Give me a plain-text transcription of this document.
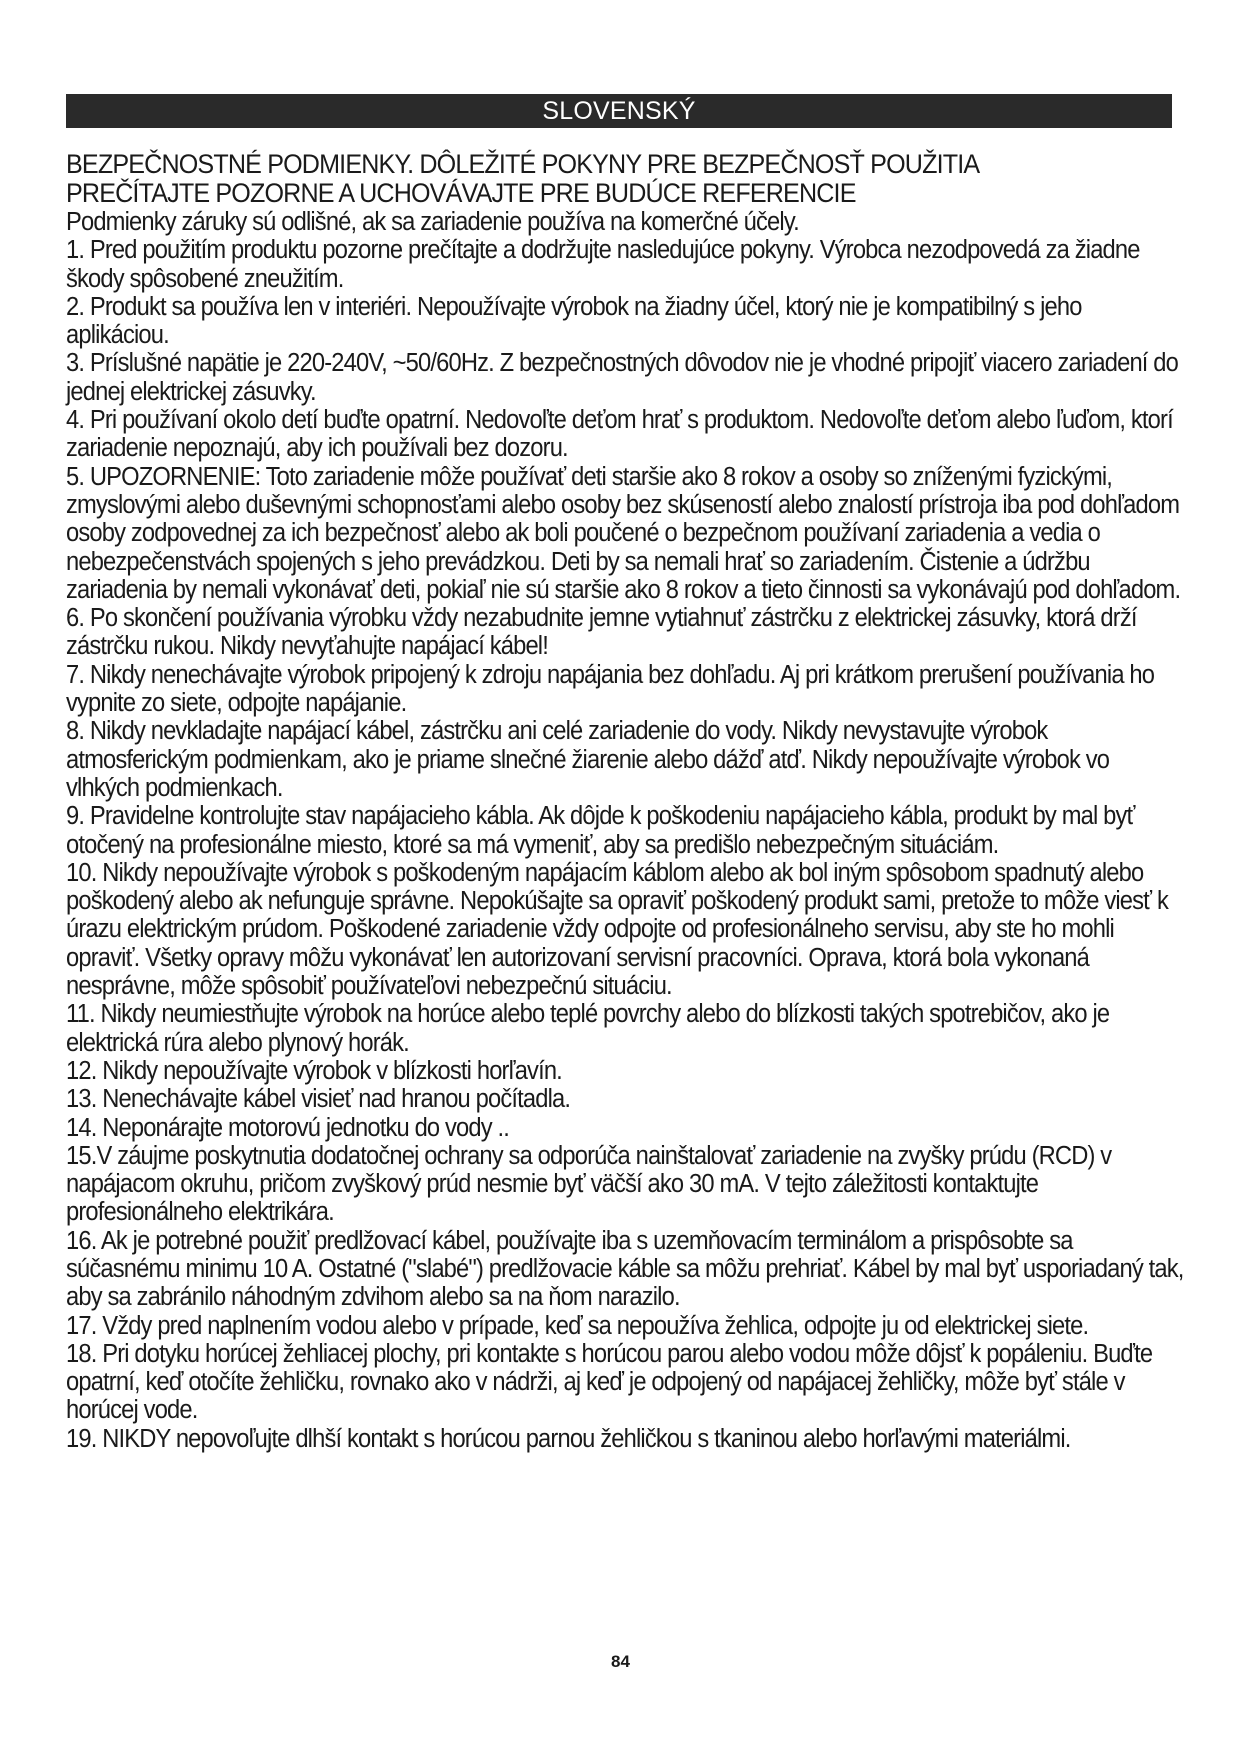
SLOVENSKÝ

BEZPEČNOSTNÉ PODMIENKY. DÔLEŽITÉ POKYNY PRE BEZPEČNOSŤ POUŽITIA

PREČÍTAJTE POZORNE A UCHOVÁVAJTE PRE BUDÚCE REFERENCIE

Podmienky záruky sú odlišné, ak sa zariadenie používa na komerčné účely.

1. Pred použitím produktu pozorne prečítajte a dodržujte nasledujúce pokyny. Výrobca nezodpovedá za žiadne škody spôsobené zneužitím.

2. Produkt sa používa len v interiéri. Nepoužívajte výrobok na žiadny účel, ktorý nie je kompatibilný s jeho aplikáciou.

3. Príslušné napätie je 220-240V, ~50/60Hz. Z bezpečnostných dôvodov nie je vhodné pripojiť viacero zariadení do jednej elektrickej zásuvky.

4. Pri používaní okolo detí buďte opatrní. Nedovoľte deťom hrať s produktom. Nedovoľte deťom alebo ľuďom, ktorí zariadenie nepoznajú, aby ich používali bez dozoru.

5. UPOZORNENIE: Toto zariadenie môže používať deti staršie ako 8 rokov a osoby so zníženými fyzickými, zmyslovými alebo duševnými schopnosťami alebo osoby bez skúseností alebo znalostí prístroja iba pod dohľadom osoby zodpovednej za ich bezpečnosť alebo ak boli poučené o bezpečnom používaní zariadenia a vedia o nebezpečenstvách spojených s jeho prevádzkou. Deti by sa nemali hrať so zariadením. Čistenie a údržbu zariadenia by nemali vykonávať deti, pokiaľ nie sú staršie ako 8 rokov a tieto činnosti sa vykonávajú pod dohľadom.

6. Po skončení používania výrobku vždy nezabudnite jemne vytiahnuť zástrčku z elektrickej zásuvky, ktorá drží zástrčku rukou. Nikdy nevyťahujte napájací kábel!

7. Nikdy nenechávajte výrobok pripojený k zdroju napájania bez dohľadu. Aj pri krátkom prerušení používania ho vypnite zo siete, odpojte napájanie.

8. Nikdy nevkladajte napájací kábel, zástrčku ani celé zariadenie do vody. Nikdy nevystavujte výrobok atmosferickým podmienkam, ako je priame slnečné žiarenie alebo dážď atď. Nikdy nepoužívajte výrobok vo vlhkých podmienkach.

9. Pravidelne kontrolujte stav napájacieho kábla. Ak dôjde k poškodeniu napájacieho kábla, produkt by mal byť otočený na profesionálne miesto, ktoré sa má vymeniť, aby sa predišlo nebezpečným situáciám.

10. Nikdy nepoužívajte výrobok s poškodeným napájacím káblom alebo ak bol iným spôsobom spadnutý alebo poškodený alebo ak nefunguje správne. Nepokúšajte sa opraviť poškodený produkt sami, pretože to môže viesť k úrazu elektrickým prúdom. Poškodené zariadenie vždy odpojte od profesionálneho servisu, aby ste ho mohli opraviť. Všetky opravy môžu vykonávať len autorizovaní servisní pracovníci. Oprava, ktorá bola vykonaná nesprávne, môže spôsobiť používateľovi nebezpečnú situáciu.

11. Nikdy neumiestňujte výrobok na horúce alebo teplé povrchy alebo do blízkosti takých spotrebičov, ako je elektrická rúra alebo plynový horák.

12. Nikdy nepoužívajte výrobok v blízkosti horľavín.

13. Nenechávajte kábel visieť nad hranou počítadla.

14. Neponárajte motorovú jednotku do vody ..

15.V záujme poskytnutia dodatočnej ochrany sa odporúča nainštalovať zariadenie na zvyšky prúdu (RCD) v napájacom okruhu, pričom zvyškový prúd nesmie byť väčší ako 30 mA. V tejto záležitosti kontaktujte profesionálneho elektrikára.

16. Ak je potrebné použiť predlžovací kábel, používajte iba s uzemňovacím terminálom a prispôsobte sa súčasnému minimu 10 A. Ostatné ("slabé") predlžovacie káble sa môžu prehriať. Kábel by mal byť usporiadaný tak, aby sa zabránilo náhodným zdvihom alebo sa na ňom narazilo.

17. Vždy pred naplnením vodou alebo v prípade, keď sa nepoužíva žehlica, odpojte ju od elektrickej siete.

18. Pri dotyku horúcej žehliacej plochy, pri kontakte s horúcou parou alebo vodou môže dôjsť k popáleniu. Buďte opatrní, keď otočíte žehličku, rovnako ako v nádrži, aj keď je odpojený od napájacej žehličky, môže byť stále v horúcej vode.

19. NIKDY nepovoľujte dlhší kontakt s horúcou parnou žehličkou s tkaninou alebo horľavými materiálmi.

84
